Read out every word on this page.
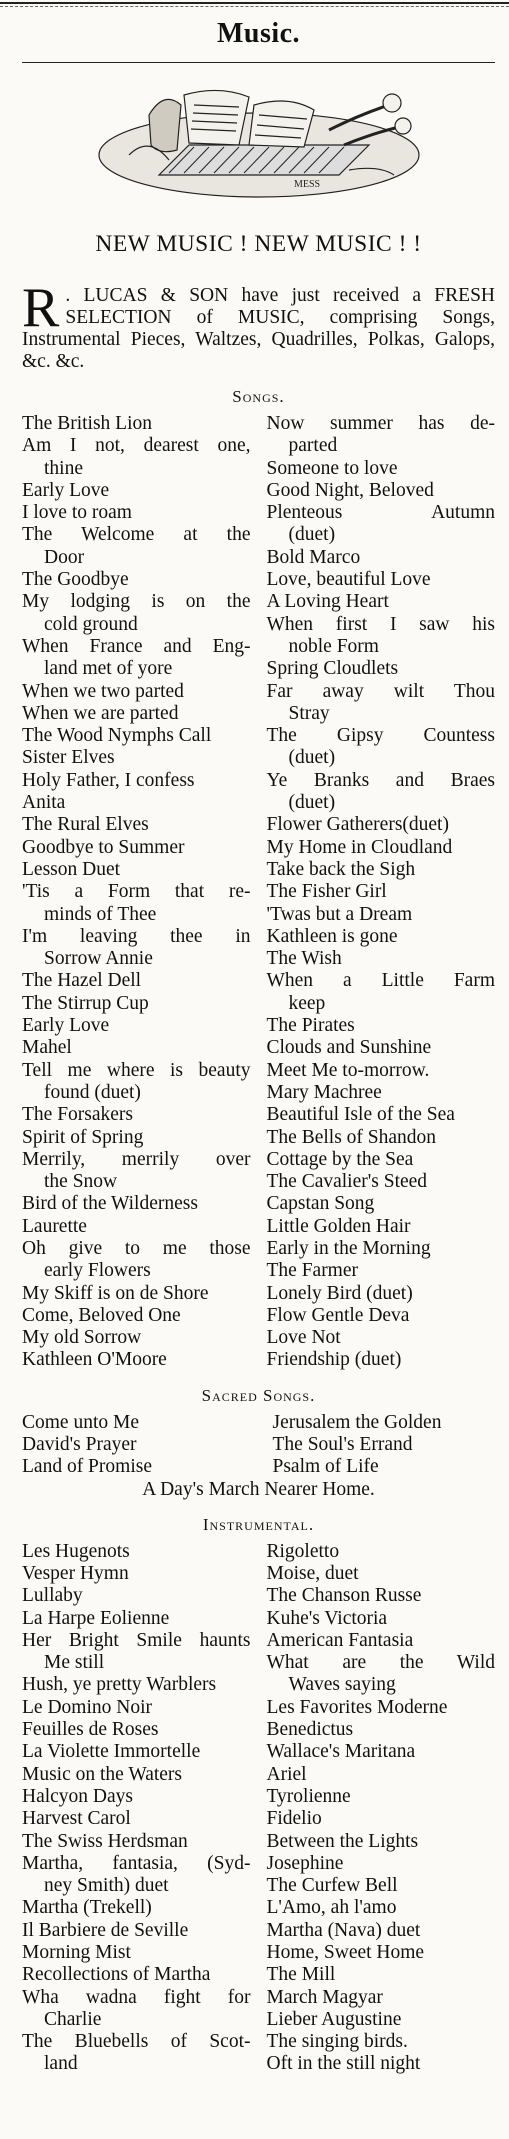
Music.
MESS
NEW MUSIC ! NEW MUSIC ! !
R . LUCAS & SON have just received a FRESH SELECTION of MUSIC, comprising Songs, Instrumental Pieces, Waltzes, Quadrilles, Polkas, Galops, &c. &c.
Songs.
The British Lion
Am I not, dearest one,
thine
Early Love
I love to roam
The Welcome at the
Door
The Goodbye
My lodging is on the
cold ground
When France and Eng-
land met of yore
When we two parted
When we are parted
The Wood Nymphs Call
Sister Elves
Holy Father, I confess
Anita
The Rural Elves
Goodbye to Summer
Lesson Duet
'Tis a Form that re-
minds of Thee
I'm leaving thee in
Sorrow Annie
The Hazel Dell
The Stirrup Cup
Early Love
Mahel
Tell me where is beauty
found (duet)
The Forsakers
Spirit of Spring
Merrily, merrily over
the Snow
Bird of the Wilderness
Laurette
Oh give to me those
early Flowers
My Skiff is on de Shore
Come, Beloved One
My old Sorrow
Kathleen O'Moore
Now summer has de-
parted
Someone to love
Good Night, Beloved
Plenteous Autumn
(duet)
Bold Marco
Love, beautiful Love
A Loving Heart
When first I saw his
noble Form
Spring Cloudlets
Far away wilt Thou
Stray
The Gipsy Countess
(duet)
Ye Branks and Braes
(duet)
Flower Gatherers(duet)
My Home in Cloudland
Take back the Sigh
The Fisher Girl
'Twas but a Dream
Kathleen is gone
The Wish
When a Little Farm
keep
The Pirates
Clouds and Sunshine
Meet Me to-morrow.
Mary Machree
Beautiful Isle of the Sea
The Bells of Shandon
Cottage by the Sea
The Cavalier's Steed
Capstan Song
Little Golden Hair
Early in the Morning
The Farmer
Lonely Bird (duet)
Flow Gentle Deva
Love Not
Friendship (duet)
Sacred Songs.
Come unto Me
David's Prayer
Land of Promise
Jerusalem the Golden
The Soul's Errand
Psalm of Life
A Day's March Nearer Home.
Instrumental.
Les Hugenots
Vesper Hymn
Lullaby
La Harpe Eolienne
Her Bright Smile haunts
Me still
Hush, ye pretty Warblers
Le Domino Noir
Feuilles de Roses
La Violette Immortelle
Music on the Waters
Halcyon Days
Harvest Carol
The Swiss Herdsman
Martha, fantasia, (Syd-
ney Smith) duet
Martha (Trekell)
Il Barbiere de Seville
Morning Mist
Recollections of Martha
Wha wadna fight for
Charlie
The Bluebells of Scot-
land
Rigoletto
Moise, duet
The Chanson Russe
Kuhe's Victoria
American Fantasia
What are the Wild
Waves saying
Les Favorites Moderne
Benedictus
Wallace's Maritana
Ariel
Tyrolienne
Fidelio
Between the Lights
Josephine
The Curfew Bell
L'Amo, ah l'amo
Martha (Nava) duet
Home, Sweet Home
The Mill
March Magyar
Lieber Augustine
The singing birds.
Oft in the still night
